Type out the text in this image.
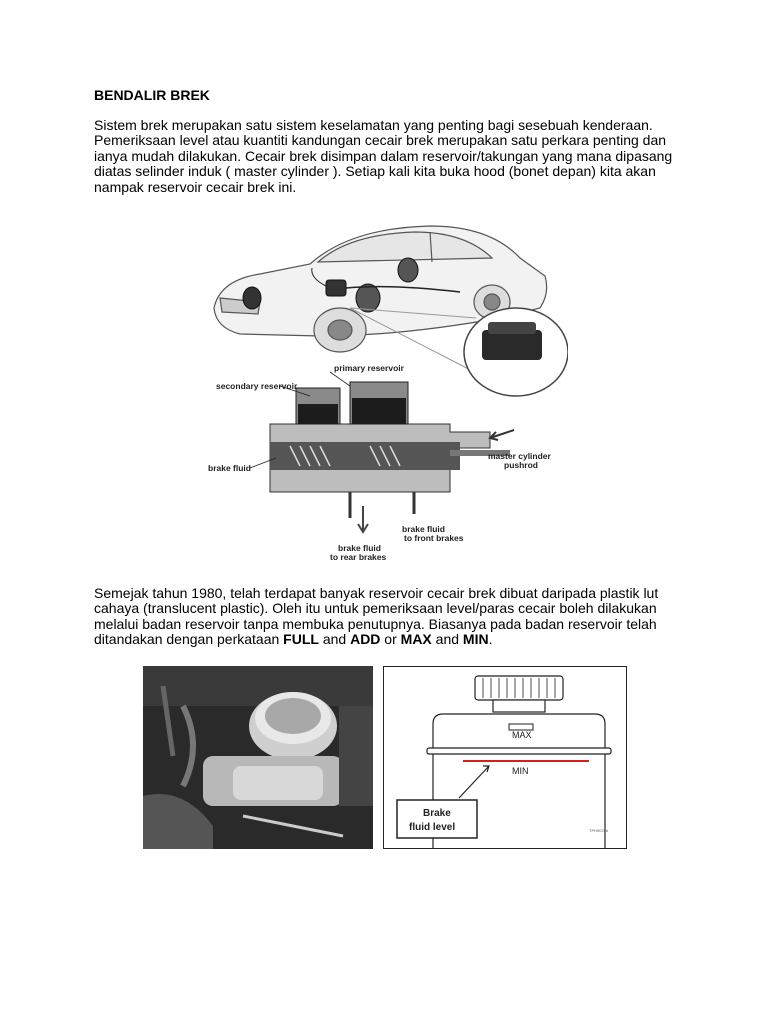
BENDALIR BREK
Sistem brek merupakan satu sistem keselamatan yang penting bagi sesebuah kenderaan. Pemeriksaan level atau kuantiti kandungan cecair brek merupakan satu perkara penting dan ianya mudah dilakukan. Cecair brek disimpan dalam reservoir/takungan yang mana dipasang diatas selinder induk ( master cylinder ). Setiap kali kita buka hood (bonet depan) kita akan nampak reservoir cecair brek ini.
primary reservoir
secondary reservoir
brake fluid
master cylinder
pushrod
brake fluid
to front brakes
brake fluid
to rear brakes
Semejak tahun 1980, telah terdapat banyak reservoir cecair brek dibuat daripada plastik lut cahaya (translucent plastic). Oleh itu untuk pemeriksaan level/paras cecair boleh dilakukan melalui badan reservoir tanpa membuka penutupnya. Biasanya pada badan reservoir telah ditandakan dengan perkataan FULL and ADD or MAX and MIN.
MAX
MIN
Brake
fluid level	TPH00786
